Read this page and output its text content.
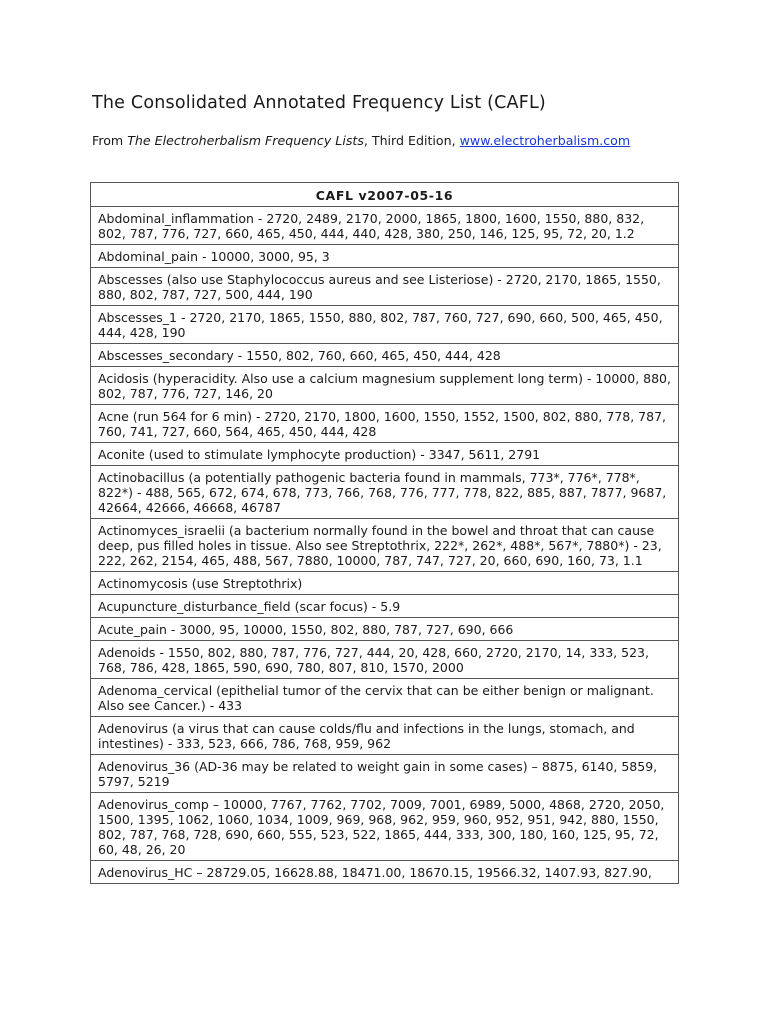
The Consolidated Annotated Frequency List (CAFL)
From The Electroherbalism Frequency Lists, Third Edition, www.electroherbalism.com
CAFL v2007-05-16
Abdominal_inflammation - 2720, 2489, 2170, 2000, 1865, 1800, 1600, 1550, 880, 832, 802, 787, 776, 727, 660, 465, 450, 444, 440, 428, 380, 250, 146, 125, 95, 72, 20, 1.2
Abdominal_pain - 10000, 3000, 95, 3
Abscesses (also use Staphylococcus aureus and see Listeriose) - 2720, 2170, 1865, 1550, 880, 802, 787, 727, 500, 444, 190
Abscesses_1 - 2720, 2170, 1865, 1550, 880, 802, 787, 760, 727, 690, 660, 500, 465, 450, 444, 428, 190
Abscesses_secondary - 1550, 802, 760, 660, 465, 450, 444, 428
Acidosis (hyperacidity. Also use a calcium magnesium supplement long term) - 10000, 880, 802, 787, 776, 727, 146, 20
Acne (run 564 for 6 min) - 2720, 2170, 1800, 1600, 1550, 1552, 1500, 802, 880, 778, 787, 760, 741, 727, 660, 564, 465, 450, 444, 428
Aconite (used to stimulate lymphocyte production) - 3347, 5611, 2791
Actinobacillus (a potentially pathogenic bacteria found in mammals, 773*, 776*, 778*, 822*) - 488, 565, 672, 674, 678, 773, 766, 768, 776, 777, 778, 822, 885, 887, 7877, 9687, 42664, 42666, 46668, 46787
Actinomyces_israelii (a bacterium normally found in the bowel and throat that can cause deep, pus filled holes in tissue. Also see Streptothrix, 222*, 262*, 488*, 567*, 7880*) - 23, 222, 262, 2154, 465, 488, 567, 7880, 10000, 787, 747, 727, 20, 660, 690, 160, 73, 1.1
Actinomycosis (use Streptothrix)
Acupuncture_disturbance_field (scar focus) - 5.9
Acute_pain - 3000, 95, 10000, 1550, 802, 880, 787, 727, 690, 666
Adenoids - 1550, 802, 880, 787, 776, 727, 444, 20, 428, 660, 2720, 2170, 14, 333, 523, 768, 786, 428, 1865, 590, 690, 780, 807, 810, 1570, 2000
Adenoma_cervical (epithelial tumor of the cervix that can be either benign or malignant. Also see Cancer.) - 433
Adenovirus (a virus that can cause colds/flu and infections in the lungs, stomach, and intestines) - 333, 523, 666, 786, 768, 959, 962
Adenovirus_36 (AD-36 may be related to weight gain in some cases) – 8875, 6140, 5859, 5797, 5219
Adenovirus_comp – 10000, 7767, 7762, 7702, 7009, 7001, 6989, 5000, 4868, 2720, 2050, 1500, 1395, 1062, 1060, 1034, 1009, 969, 968, 962, 959, 960, 952, 951, 942, 880, 1550, 802, 787, 768, 728, 690, 660, 555, 523, 522, 1865, 444, 333, 300, 180, 160, 125, 95, 72, 60, 48, 26, 20
Adenovirus_HC – 28729.05, 16628.88, 18471.00, 18670.15, 19566.32, 1407.93, 827.90,
